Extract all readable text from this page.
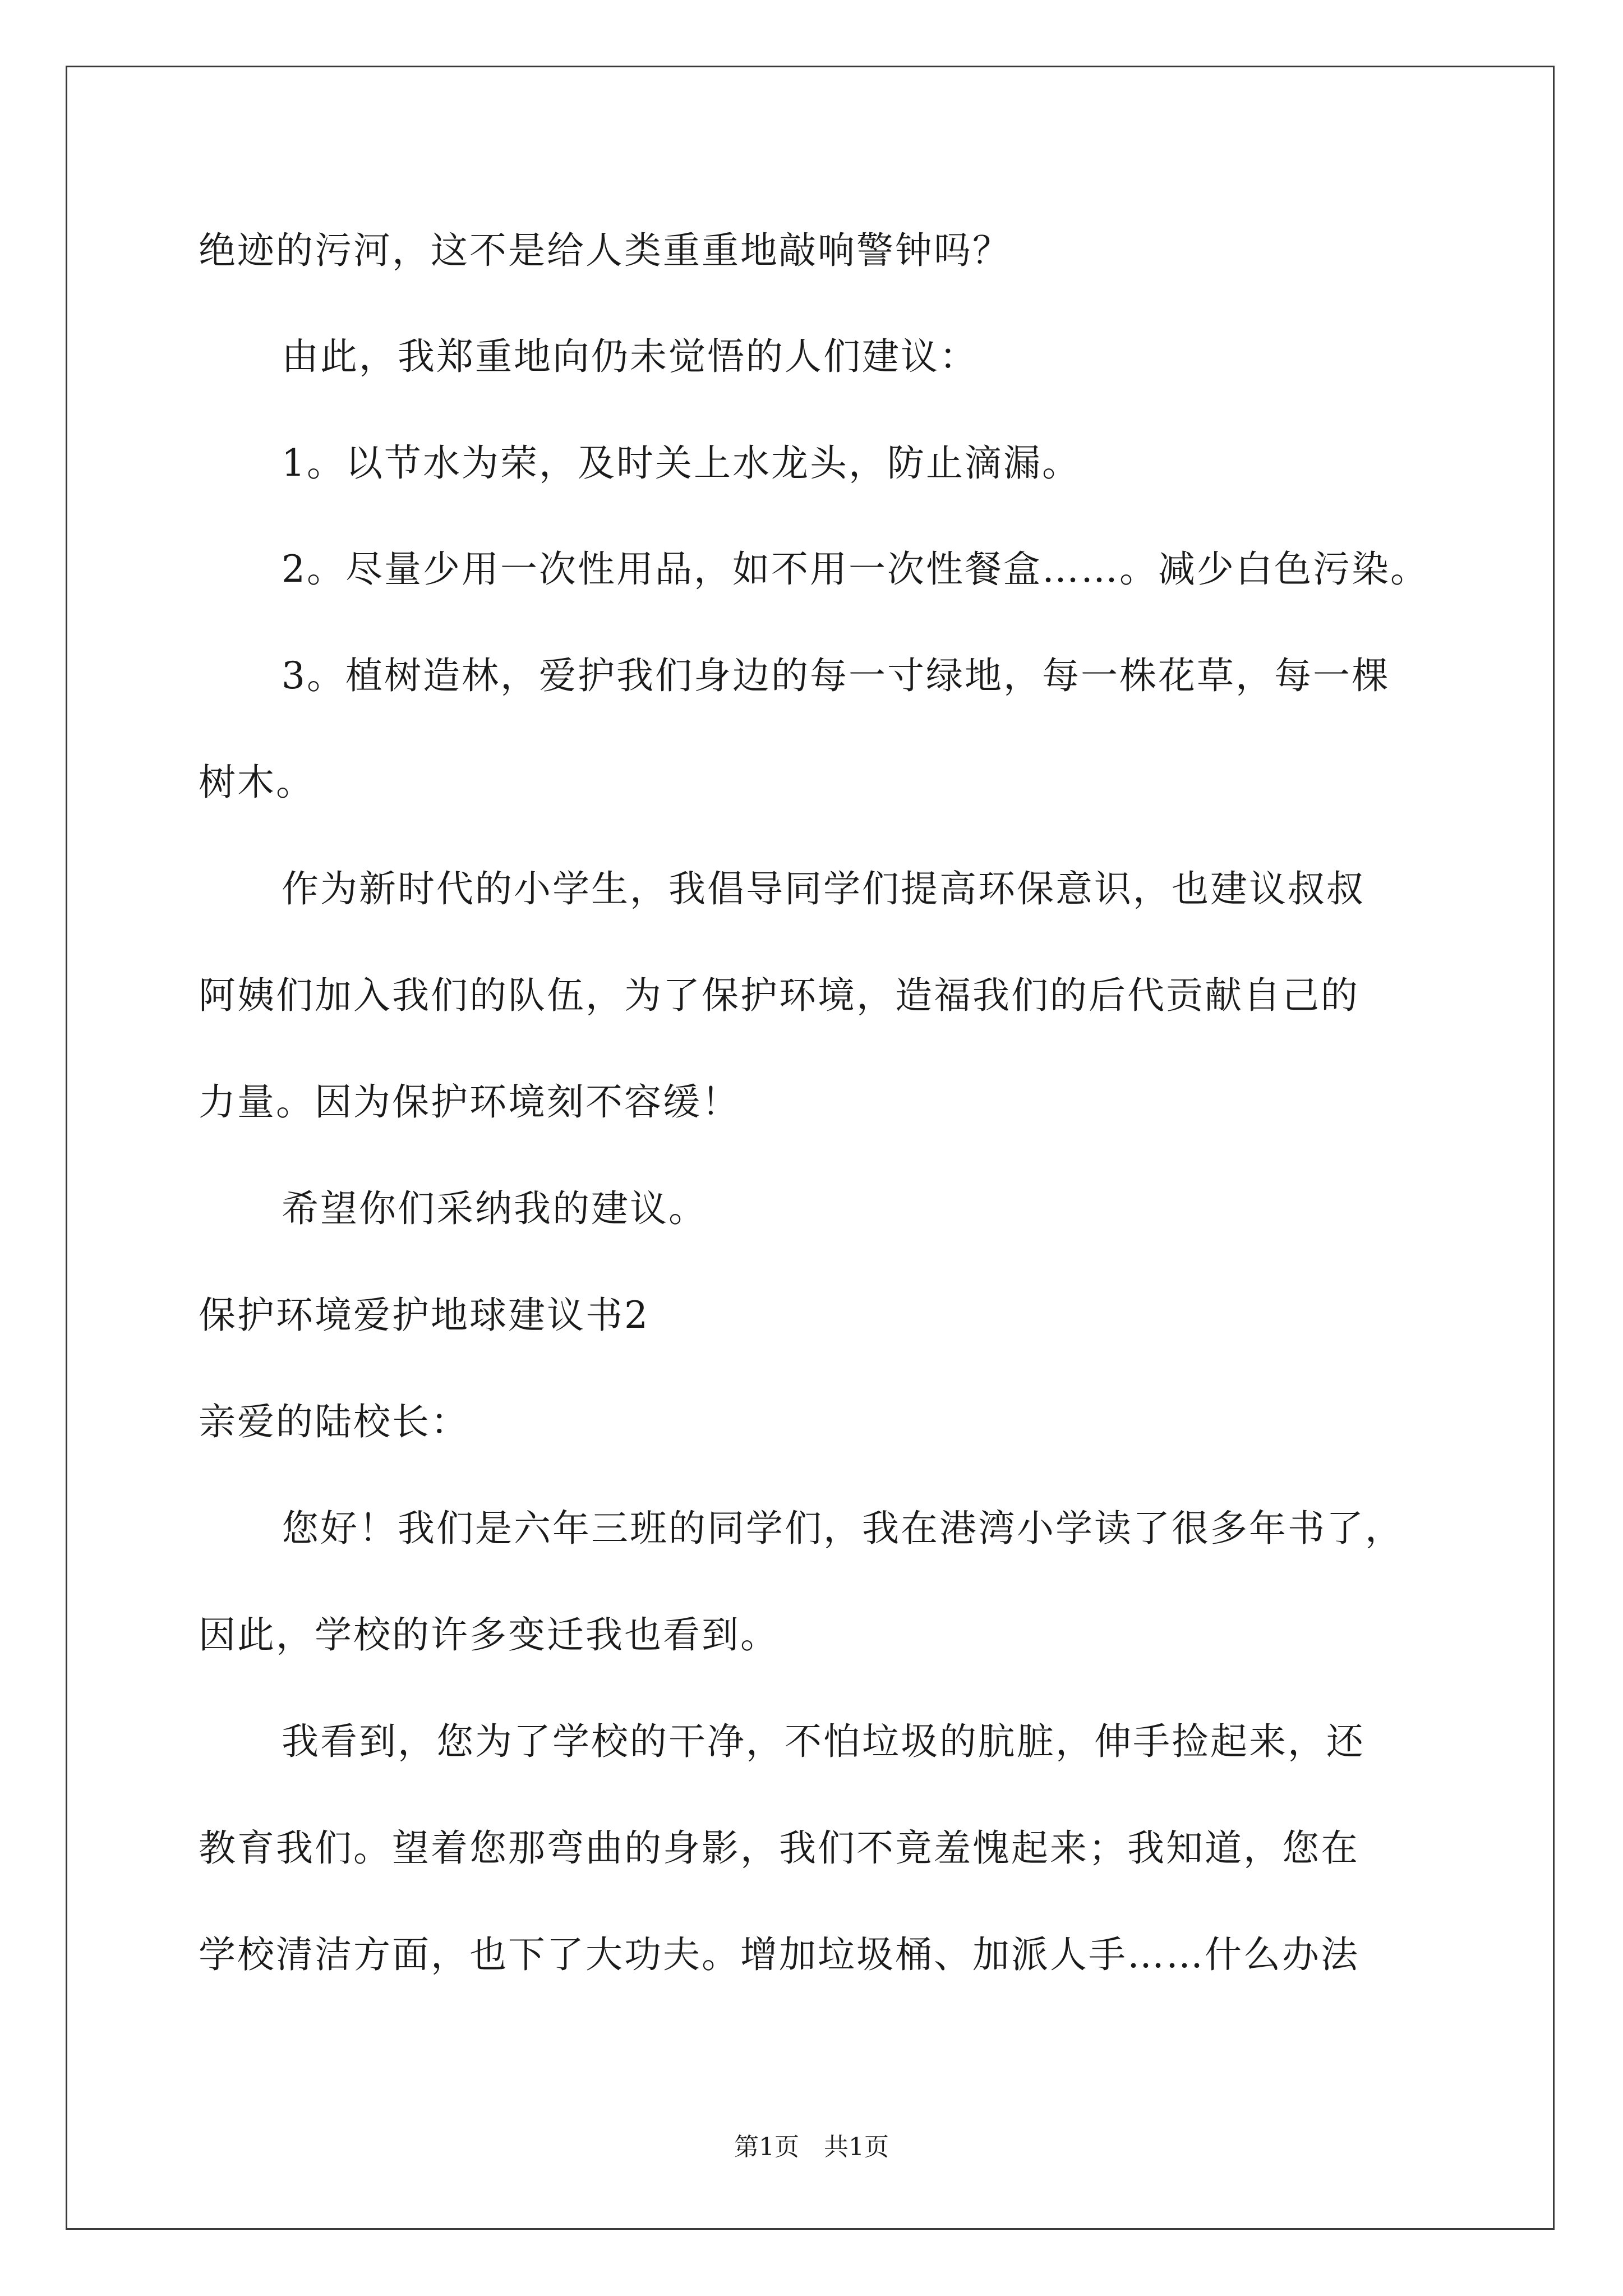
绝迹的污河，这不是给人类重重地敲响警钟吗？
由此，我郑重地向仍未觉悟的人们建议：
1。以节水为荣，及时关上水龙头，防止滴漏。
2。尽量少用一次性用品，如不用一次性餐盒……。减少白色污染。
3。植树造林，爱护我们身边的每一寸绿地，每一株花草，每一棵
树木。
作为新时代的小学生，我倡导同学们提高环保意识，也建议叔叔
阿姨们加入我们的队伍，为了保护环境，造福我们的后代贡献自己的
力量。因为保护环境刻不容缓！
希望你们采纳我的建议。
保护环境爱护地球建议书2
亲爱的陆校长：
您好！我们是六年三班的同学们，我在港湾小学读了很多年书了，
因此，学校的许多变迁我也看到。
我看到，您为了学校的干净，不怕垃圾的肮脏，伸手捡起来，还
教育我们。望着您那弯曲的身影，我们不竟羞愧起来；我知道，您在
学校清洁方面，也下了大功夫。增加垃圾桶、加派人手……什么办法
第1页　共1页
